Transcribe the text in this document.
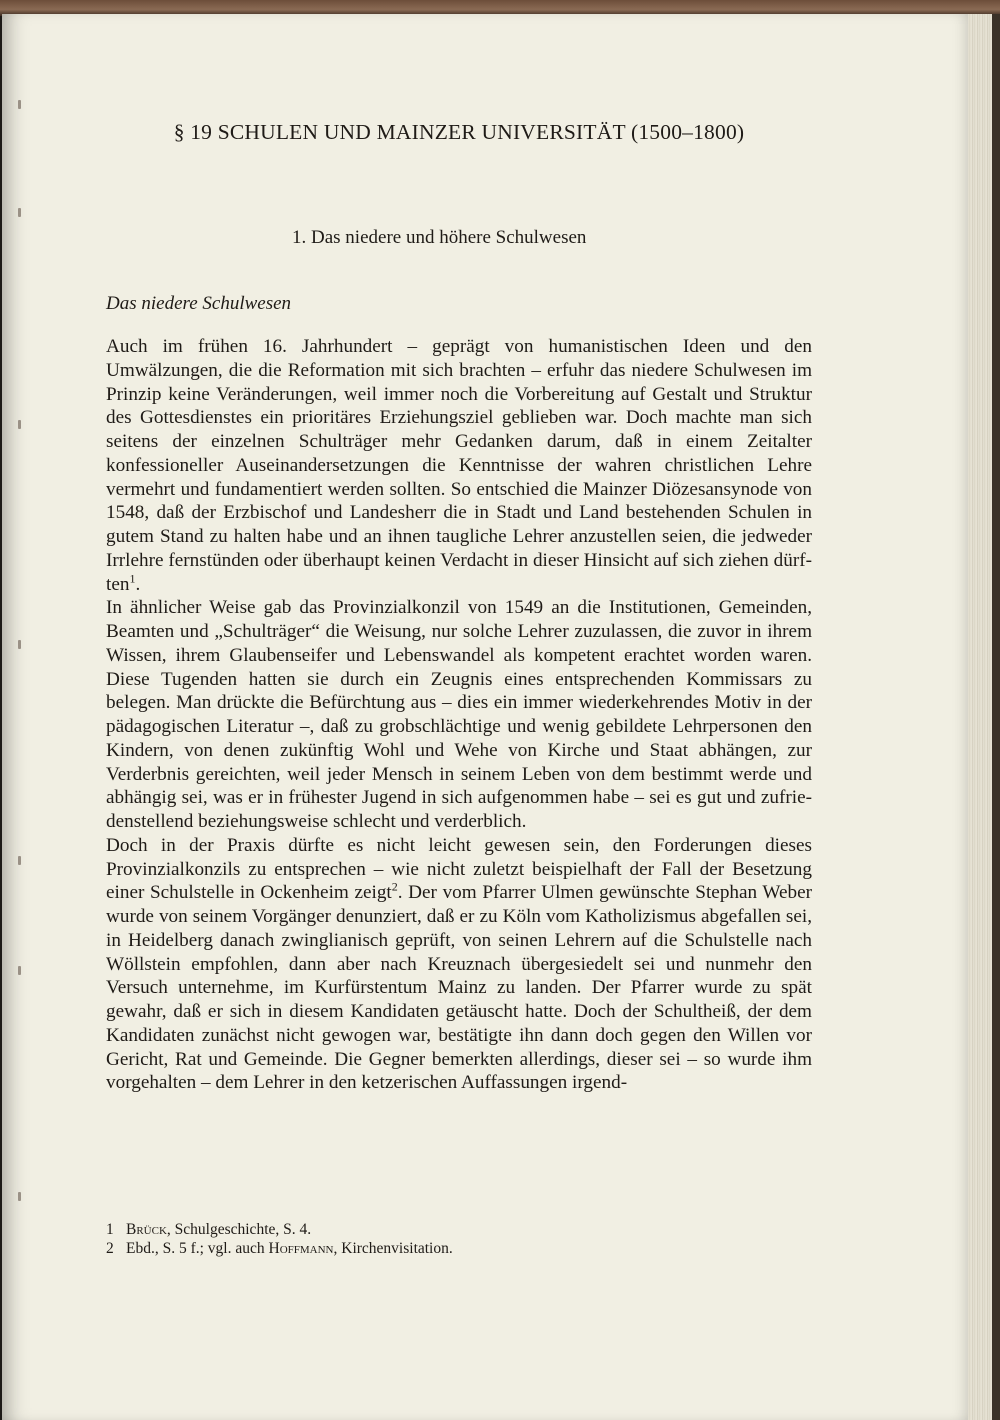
§ 19 SCHULEN UND MAINZER UNIVERSITÄT (1500–1800)
1. Das niedere und höhere Schulwesen
Das niedere Schulwesen

Auch im frühen 16. Jahrhundert – geprägt von humanistischen Ideen und den Umwälzungen, die die Reformation mit sich brachten – erfuhr das niedere Schulwesen im Prinzip keine Veränderungen, weil immer noch die Vorbereitung auf Gestalt und Struktur des Gottesdienstes ein prioritäres Erziehungsziel geblieben war. Doch machte man sich seitens der einzelnen Schulträger mehr Gedanken darum, daß in einem Zeitalter konfessioneller Auseinandersetzungen die Kenntnisse der wahren christlichen Lehre vermehrt und fundamentiert werden sollten. So entschied die Mainzer Diözesansynode von 1548, daß der Erzbischof und Landesherr die in Stadt und Land bestehenden Schulen in gutem Stand zu halten habe und an ihnen taugliche Lehrer anzustellen seien, die jedweder Irrlehre fernstünden oder überhaupt keinen Verdacht in dieser Hinsicht auf sich ziehen dürften$^1$.

In ähnlicher Weise gab das Provinzialkonzil von 1549 an die Institutionen, Gemeinden, Beamten und „Schulträger“ die Weisung, nur solche Lehrer zuzulassen, die zuvor in ihrem Wissen, ihrem Glaubenseifer und Lebenswandel als kompetent erachtet worden waren. Diese Tugenden hatten sie durch ein Zeugnis eines entsprechenden Kommissars zu belegen. Man drückte die Befürchtung aus – dies ein immer wiederkehrendes Motiv in der pädagogischen Literatur –, daß zu grobschlächtige und wenig gebildete Lehrpersonen den Kindern, von denen zukünftig Wohl und Wehe von Kirche und Staat abhängen, zur Verderbnis gereichten, weil jeder Mensch in seinem Leben von dem bestimmt werde und abhängig sei, was er in frühester Jugend in sich aufgenommen habe – sei es gut und zufriedenstellend beziehungsweise schlecht und verderblich.

Doch in der Praxis dürfte es nicht leicht gewesen sein, den Forderungen dieses Provinzialkonzils zu entsprechen – wie nicht zuletzt beispielhaft der Fall der Besetzung einer Schulstelle in Ockenheim zeigt$^2$. Der vom Pfarrer Ulmen gewünschte Stephan Weber wurde von seinem Vorgänger denunziert, daß er zu Köln vom Katholizismus abgefallen sei, in Heidelberg danach zwinglianisch geprüft, von seinen Lehrern auf die Schulstelle nach Wöllstein empfohlen, dann aber nach Kreuznach übergesiedelt sei und nunmehr den Versuch unternehme, im Kurfürstentum Mainz zu landen. Der Pfarrer wurde zu spät gewahr, daß er sich in diesem Kandidaten getäuscht hatte. Doch der Schultheiß, der dem Kandidaten zunächst nicht gewogen war, bestätigte ihn dann doch gegen den Willen vor Gericht, Rat und Gemeinde. Die Gegner bemerkten allerdings, dieser sei – so wurde ihm vorgehalten – dem Lehrer in den ketzerischen Auffassungen irgend-

1 Brück, Schulgeschichte, S. 4.
2 Ebd., S. 5 f.; vgl. auch Hoffmann, Kirchenvisitation.
